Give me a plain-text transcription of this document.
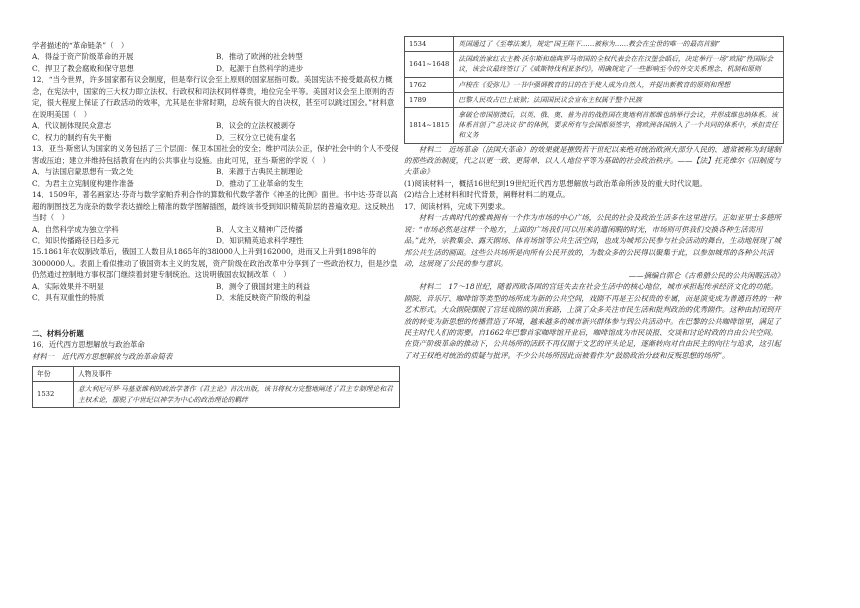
学者描述的“革命链条”（　）

A．得益于资产阶级革命的开展	B．推动了欧洲的社会转型
C．捍卫了教会腐败和保守思想	D．起源于自然科学的进步

12．“当今世界，许多国家都有议会制度，但是奉行议会至上原则的国家屈指可数。美国宪法不接受最高权力概念，在宪法中，国家的三大权力即立法权、行政权和司法权同样尊贵，地位完全平等。美国对议会至上原则的否定，很大程度上保证了行政活动的效率，尤其是在非常时期，总统有很大的自决权，甚至可以跳过国会。”材料意在说明美国（　）

A．代议制体现民众意志	B．议会的立法权被剥夺
C．权力的制约有失平衡	D．三权分立已徒有虚名

13．亚当·斯密认为国家的义务包括了三个层面：保卫本国社会的安全；维护司法公正，保护社会中的个人不受侵害或压迫；建立并维持包括教育在内的公共事业与设施。由此可见，亚当·斯密的学说（　）

A．与法国启蒙思想有一致之处	B．来源于古典民主制理论
C．为君主立宪制度构建作准备	D．推动了工业革命的发生

14．1509年，著名画家达·芬奇与数学家帕乔利合作的算数和代数学著作《神圣的比例》面世。书中达·芬奇以高超的制图技艺为庞杂的数学表达描绘上精准的数学图解插图，最终该书受到知识精英阶层的普遍欢迎。这反映出当时（　）

A．自然科学成为独立学科	B．人文主义精神广泛传播
C．知识传播路径日趋多元	D．知识精英追求科学理性

15.1861年农奴制改革后，俄国工人数目从1865年的38l000人上升到162000，进而又上升到1898年的3000000人。表面上看似推动了俄国资本主义的发展，资产阶级在政治改革中分享到了一些政治权力，但是沙皇仍然通过控制地方事权部门继续着封建专制统治。这说明俄国农奴制改革（　）

A．实际效果并不明显	B．测令了俄国封建主的利益
C．具有双重性的特质	D．未能反映资产阶级的利益

二、材料分析题

16．近代西方思想解放与政治革命

材料一　近代西方思想解放与政治革命简表

年份	人物及事件
1532	意大利尼可罗·马基亚维利的政治学著作《君主论》首次出版，该书将权力完整地阐述了君主专制理论和君主权术论，摆脱了中世纪以神学为中心的政治理论的羁绊
1534	英国通过了《至尊法案》，规定“国王陛下……被称为……教会在尘世的唯一的最高首脑”
1641~1648	法国政治家红衣主教·沃尔斯和瑞典罗马帝国的全权代表会在在汉堡会晤后，决定举行一场“欧陆”性国际会议，该会议最终签订了《威斯特伐利亚条约》，明确规定了一些影响至今的外交关系理念、机制和原则
1762	卢梭在《爱弥儿》一书中强调教育的目的在于使人成为自然人，并提出新教育的原则和理想
1789	巴黎人民攻占巴士底狱；法国国民议会宣布主权属于整个民族
1814~1815	拿破仑帝国崩溃后，以英、俄、奥、普为首的战胜国在奥地利首都维也纳举行会议，并形成维也纳体系。该体系首创了“总决议书”的体例，要求所有与会国都须签字，将欧洲各国纳入了一个共同的体系中，承担责任和义务

材料二　近场革命（法国大革命）的效果就是摧毁若干世纪以来绝对统治欧洲大部分人民的、通常被称为封建制的那些政治制度，代之以更一致、更简单、以人人地位平等为基础的社会政治秩序。——【法】托克维尔《旧制度与大革命》

(1)阅读材料一，概括16世纪到19世纪近代西方思想解放与政治革命所涉及的重大时代议题。

(2)结合上述材料和时代背景，阐释材料二的观点。

17．阅读材料，完成下列要求。

材料一古典时代的雅典拥有一个作为市场的中心广场，公民的社会及政治生活多在这里进行。正如亚里士多德所说：“市场必然是这样一个地方，上面的广场我们可以用来消遣闲暇的时光，市场则可供我们交换各种生活需用品。”此外，宗教集会、露天剧场、体育场馆等公共生活空间，也成为城邦公民参与社会活动的舞台，生动地展现了城邦公共生活的画面。这些公共场所是向所有公民开放的，为数众多的公民得以聚集于此，以参加城邦的各种公共活动，这展现了公民的参与意识。

——摘编自郭仑《古希腊公民的公共闲暇活动》

材料二　17～18世纪，随着西欧各国的宫廷失去在社会生活中的核心地位，城市承担起传承经济文化的功能。剧院、音乐厅、咖啡馆等类型的场所成为新的公共空间，戏剧不再是王公权贵的专属，而是演变成为普通百姓的一种艺术形式。大众剧院摆脱了宫廷戏剧的演出套路，上演了众多关注市民生活和批判政治的优秀剧作。这种由封闭到开放的转变为新思想的传播营造了环境，越来越多的城市新兴群体参与到公共活动中。在巴黎的公共咖啡馆里，满足了民主时代人们的需要。自1662年巴黎首家咖啡馆开业后，咖啡馆成为市民谈报、交谈和讨论时政的自由公共空间。在资产阶级革命的推动下，公共场所的活跃不再仅囿于文艺的评头论足，逐渐转向对自由民主的向往与追求，这引起了对王权绝对统治的质疑与批评。不少公共场所因此而被看作为“鼓励政治分歧和反叛思想的场所”。
